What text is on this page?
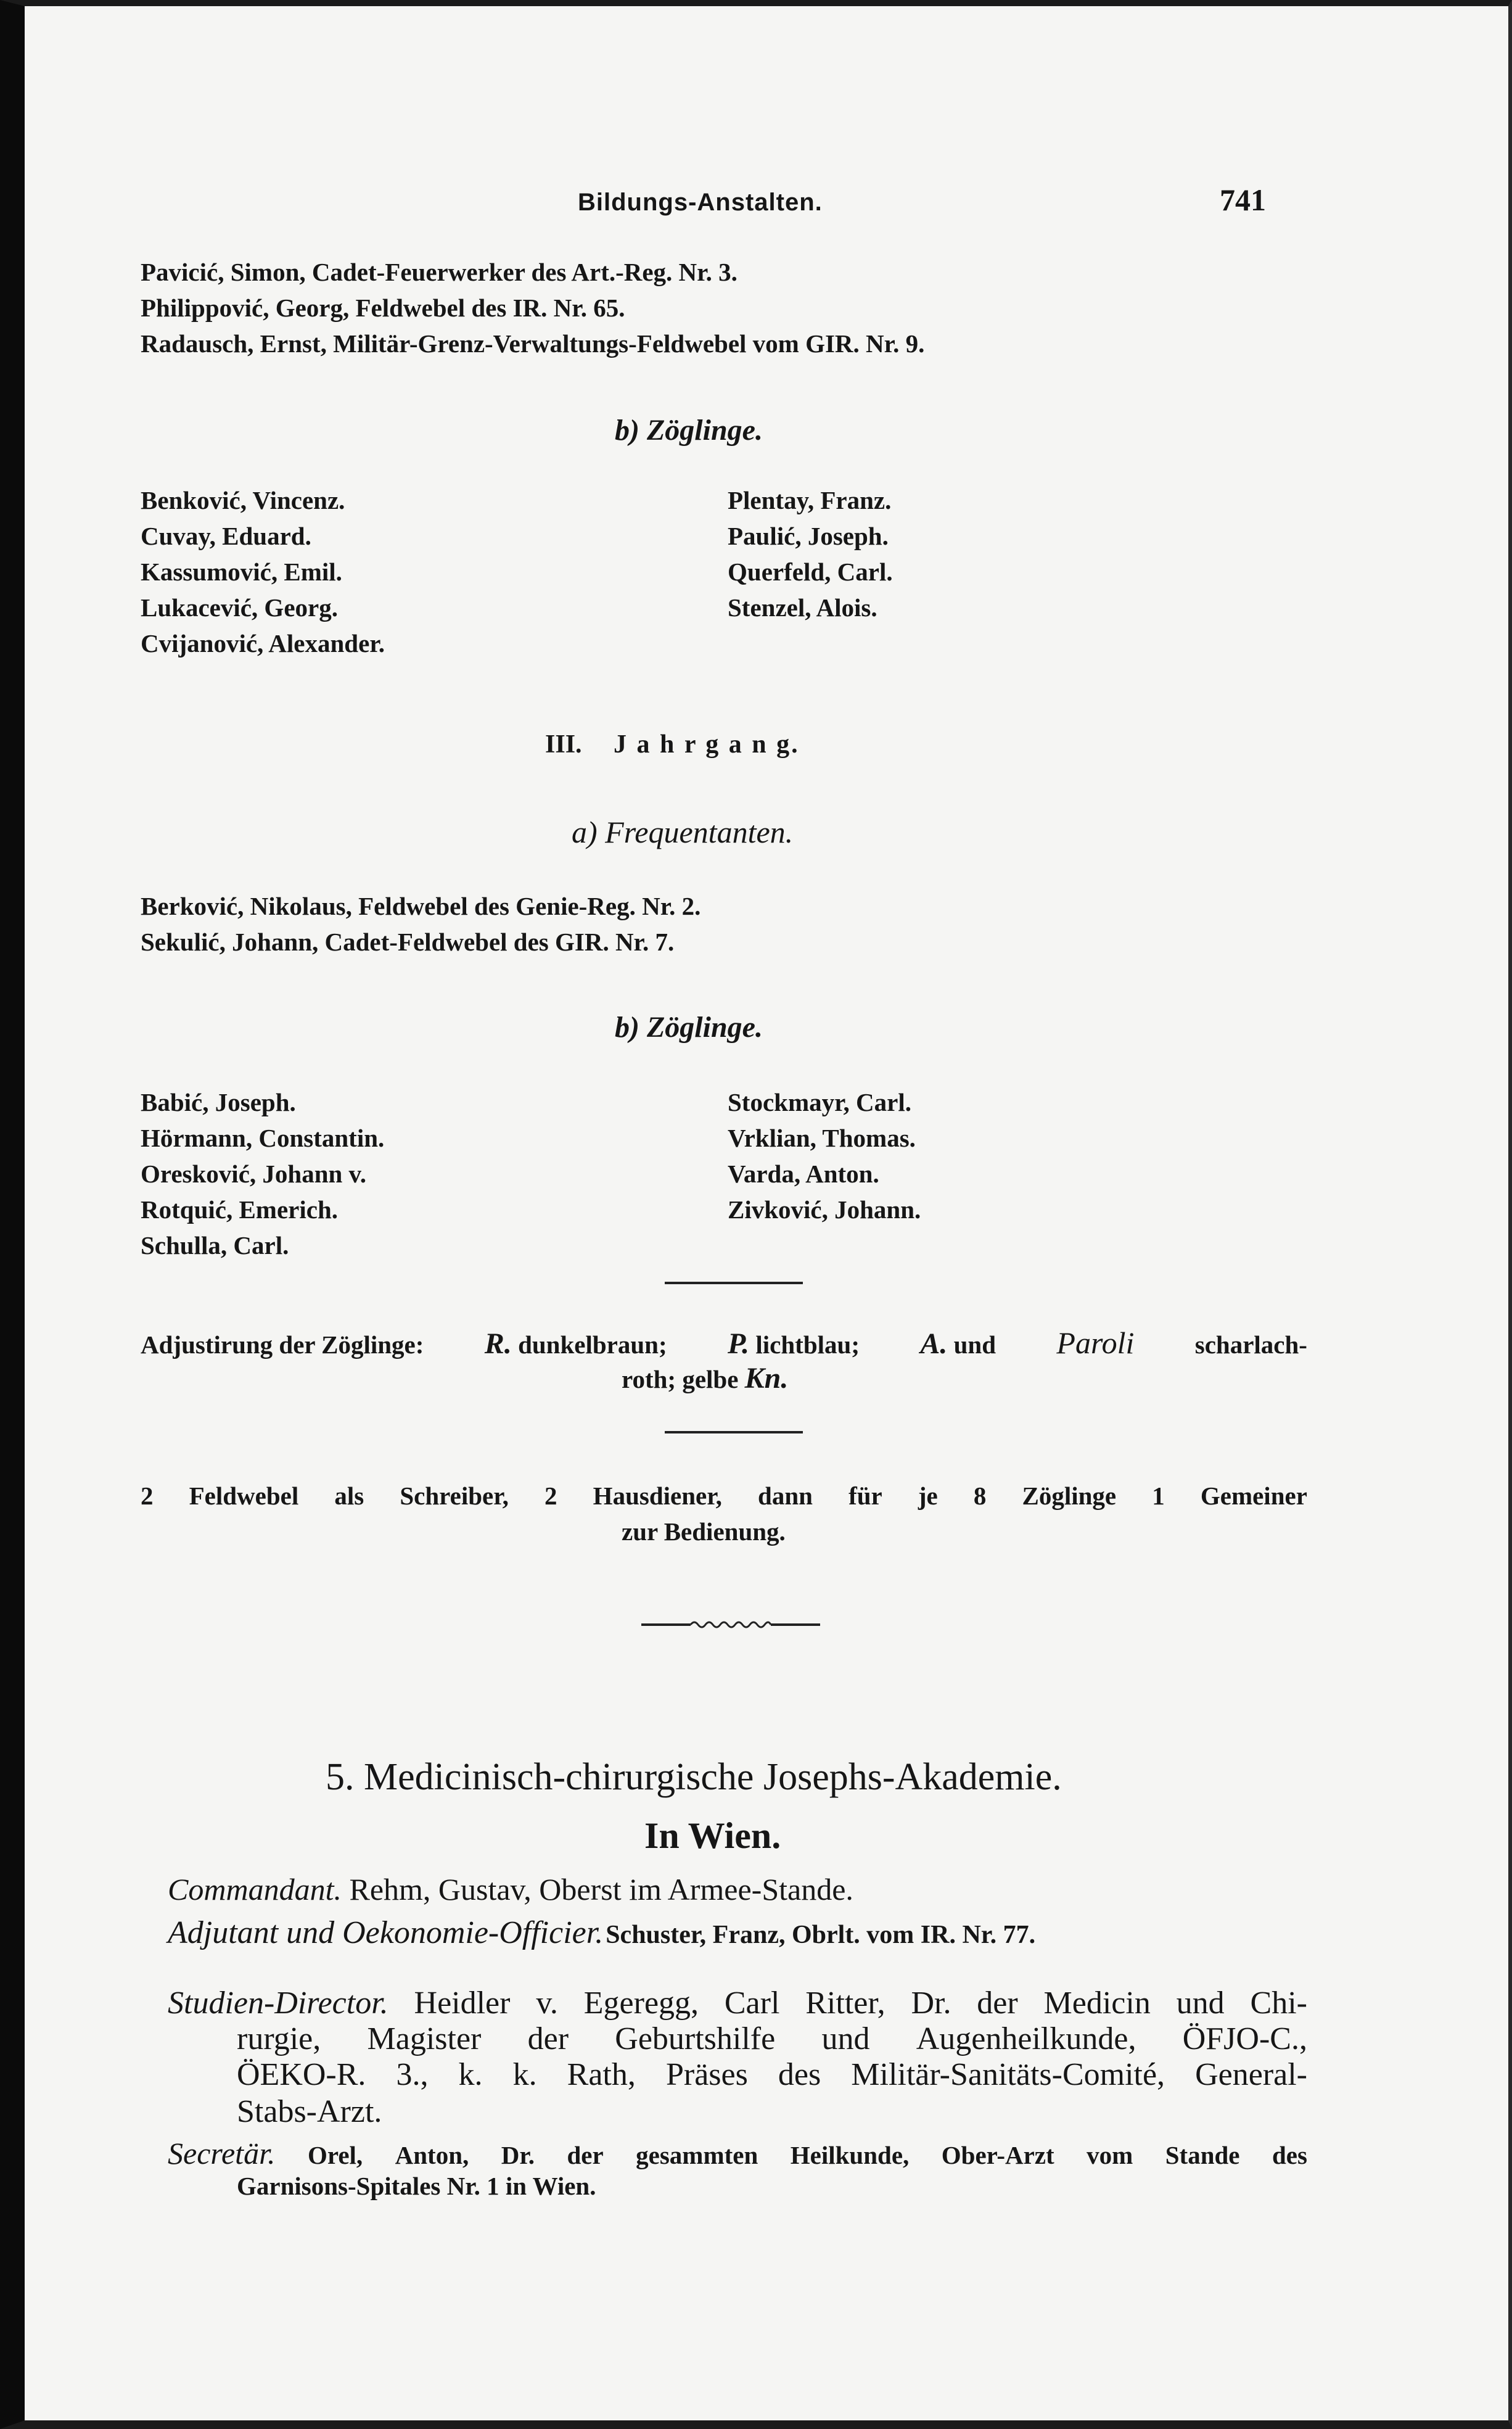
Bildungs-Anstalten.	741
Pavicić, Simon, Cadet-Feuerwerker des Art.-Reg. Nr. 3.
Philippović, Georg, Feldwebel des IR. Nr. 65.
Radausch, Ernst, Militär-Grenz-Verwaltungs-Feldwebel vom GIR. Nr. 9.
b) Zöglinge.
Benković, Vincenz.
Cuvay, Eduard.
Kassumović, Emil.
Lukacević, Georg.
Cvijanović, Alexander.
Plentay, Franz.
Paulić, Joseph.
Querfeld, Carl.
Stenzel, Alois.
III. J a h r g a n g.
a) Frequentanten.
Berković, Nikolaus, Feldwebel des Genie-Reg. Nr. 2.
Sekulić, Johann, Cadet-Feldwebel des GIR. Nr. 7.
b) Zöglinge.
Babić, Joseph.
Hörmann, Constantin.
Oresković, Johann v.
Rotquić, Emerich.
Schulla, Carl.
Stockmayr, Carl.
Vrklian, Thomas.
Varda, Anton.
Zivković, Johann.
Adjustirung der Zöglinge: R. dunkelbraun; P. lichtblau; A. und Paroli scharlach-
roth; gelbe Kn.
2 Feldwebel als Schreiber, 2 Hausdiener, dann für je 8 Zöglinge 1 Gemeiner
zur Bedienung.
5. Medicinisch-chirurgische Josephs-Akademie.
In Wien.
Commandant. Rehm, Gustav, Oberst im Armee-Stande.
Adjutant und Oekonomie-Officier. Schuster, Franz, Obrlt. vom IR. Nr. 77.
Studien-Director. Heidler v. Egeregg, Carl Ritter, Dr. der Medicin und Chi-
rurgie, Magister der Geburtshilfe und Augenheilkunde, ÖFJO-C.,
ÖEKO-R. 3., k. k. Rath, Präses des Militär-Sanitäts-Comité, General-
Stabs-Arzt.
Secretär. Orel, Anton, Dr. der gesammten Heilkunde, Ober-Arzt vom Stande des
Garnisons-Spitales Nr. 1 in Wien.
